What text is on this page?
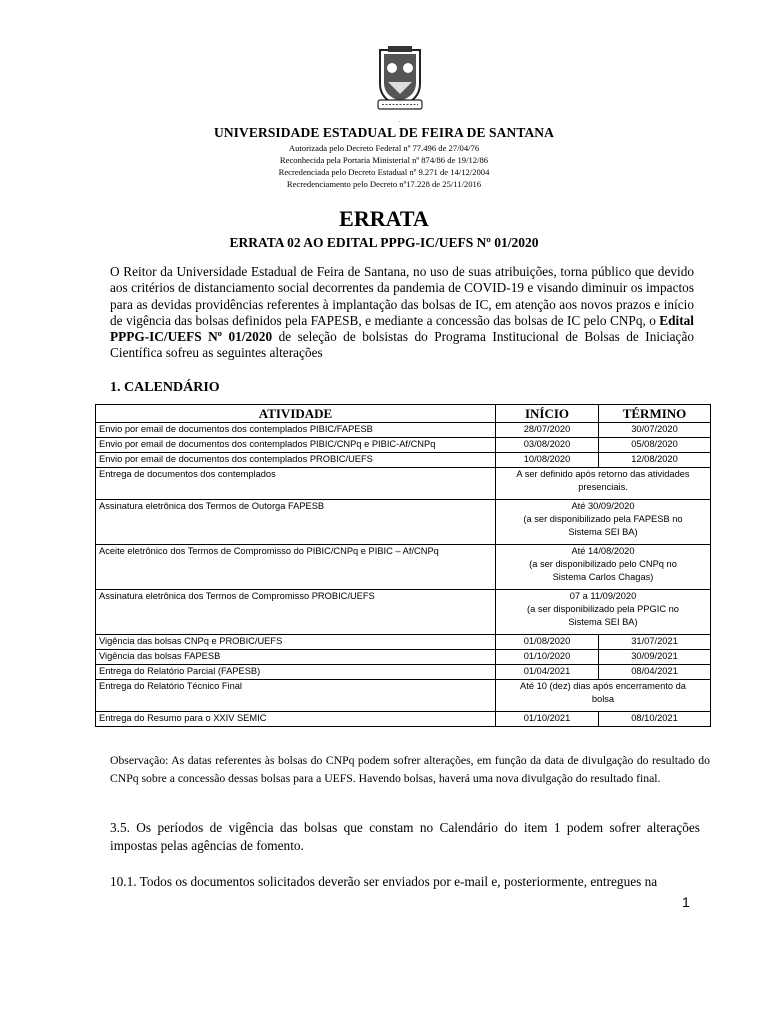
.
UNIVERSIDADE ESTADUAL DE FEIRA DE SANTANA
Autorizada pelo Decreto Federal nº 77.496 de 27/04/76
Reconhecida pela Portaria Ministerial nº 874/86 de 19/12/86
Recredenciada pelo Decreto Estadual nº 9.271 de 14/12/2004
Recredenciamento pelo Decreto nº17.228 de 25/11/2016
ERRATA
ERRATA 02 AO EDITAL PPPG-IC/UEFS Nº 01/2020
O Reitor da Universidade Estadual de Feira de Santana, no uso de suas atribuições, torna público que devido aos critérios de distanciamento social decorrentes da pandemia de COVID-19 e visando diminuir os impactos para as devidas providências referentes à implantação das bolsas de IC, em atenção aos novos prazos e início de vigência das bolsas definidos pela FAPESB, e mediante a concessão das bolsas de IC pelo CNPq, o Edital PPPG-IC/UEFS Nº 01/2020 de seleção de bolsistas do Programa Institucional de Bolsas de Iniciação Científica sofreu as seguintes alterações
1. CALENDÁRIO
ATIVIDADE	INÍCIO	TÉRMINO
Envio por email de documentos dos contemplados PIBIC/FAPESB	28/07/2020	30/07/2020
Envio por email de documentos dos contemplados PIBIC/CNPq e PIBIC-Af/CNPq	03/08/2020	05/08/2020
Envio por email de documentos dos contemplados PROBIC/UEFS	10/08/2020	12/08/2020
Entrega de documentos dos contemplados	A ser definido após retorno das atividades
presenciais.	

Assinatura eletrônica dos Termos de Outorga FAPESB	Até 30/09/2020
(a ser disponibilizado pela FAPESB no
Sistema SEI BA)	

Aceite eletrônico dos Termos de Compromisso do PIBIC/CNPq e PIBIC – Af/CNPq	Até 14/08/2020
(a ser disponibilizado pelo CNPq no
Sistema Carlos Chagas)	

Assinatura eletrônica dos Termos de Compromisso PROBIC/UEFS	07 a 11/09/2020
(a ser disponibilizado pela PPGIC no
Sistema SEI BA)	

Vigência das bolsas CNPq e PROBIC/UEFS	01/08/2020	31/07/2021
Vigência das bolsas FAPESB	01/10/2020	30/09/2021
Entrega do Relatório Parcial (FAPESB)	01/04/2021	08/04/2021
Entrega do Relatório Técnico Final	Até 10 (dez) dias após encerramento da
bolsa	

Entrega do Resumo para o XXIV SEMIC	01/10/2021	08/10/2021
Observação: As datas referentes às bolsas do CNPq podem sofrer alterações, em função da data de divulgação do resultado do CNPq sobre a concessão dessas bolsas para a UEFS. Havendo bolsas, haverá uma nova divulgação do resultado final.
3.5. Os períodos de vigência das bolsas que constam no Calendário do item 1 podem sofrer alterações impostas pelas agências de fomento.
10.1. Todos os documentos solicitados deverão ser enviados por e-mail e, posteriormente, entregues na
1
